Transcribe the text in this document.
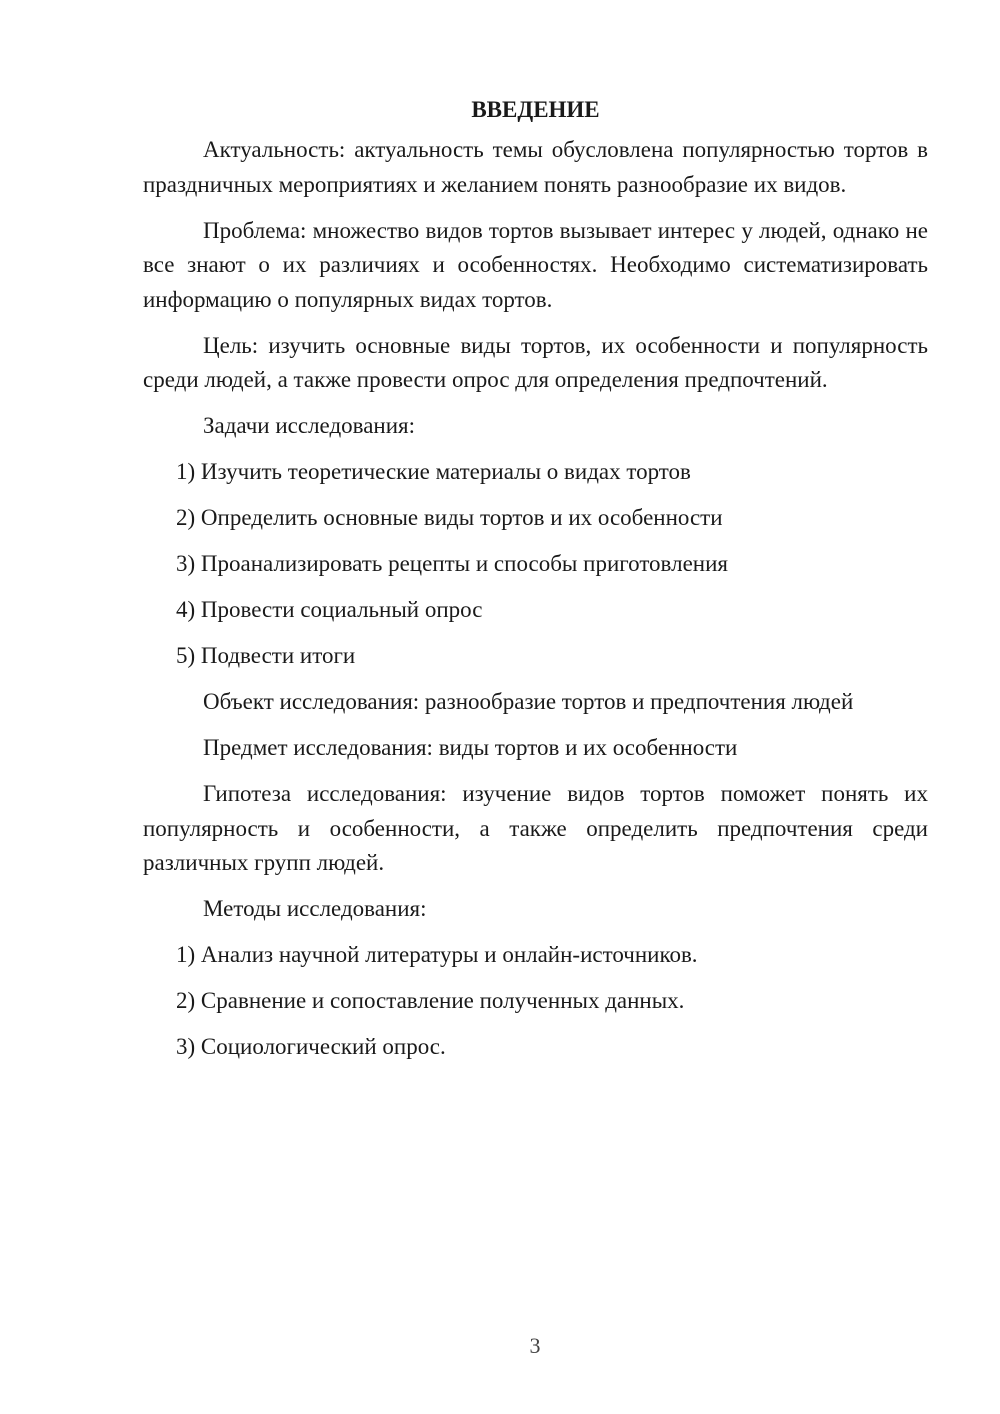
ВВЕДЕНИЕ

Актуальность: актуальность темы обусловлена популярностью тортов в праздничных мероприятиях и желанием понять разнообразие их видов.

Проблема: множество видов тортов вызывает интерес у людей, однако не все знают о их различиях и особенностях. Необходимо систематизировать информацию о популярных видах тортов.

Цель: изучить основные виды тортов, их особенности и популярность среди людей, а также провести опрос для определения предпочтений.

Задачи исследования:
1) Изучить теоретические материалы о видах тортов
2) Определить основные виды тортов и их особенности
3) Проанализировать рецепты и способы приготовления
4) Провести социальный опрос
5) Подвести итоги
Объект исследования: разнообразие тортов и предпочтения людей
Предмет исследования: виды тортов и их особенности

Гипотеза исследования: изучение видов тортов поможет понять их популярность и особенности, а также определить предпочтения среди различных групп людей.

Методы исследования:
1) Анализ научной литературы и онлайн-источников.
2) Сравнение и сопоставление полученных данных.
3) Социологический опрос.
3
